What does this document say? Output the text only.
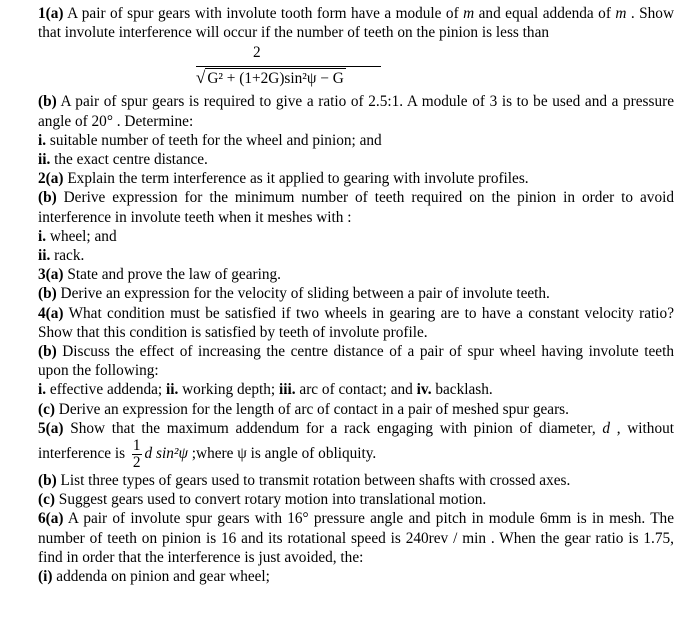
1(a) A pair of spur gears with involute tooth form have a module of m and equal addenda of m . Show that involute interference will occur if the number of teeth on the pinion is less than

2
√ G² + (1+2G)sin²ψ − G

(b) A pair of spur gears is required to give a ratio of 2.5:1. A module of 3 is to be used and a pressure angle of 20° . Determine:

i. suitable number of teeth for the wheel and pinion; and

ii. the exact centre distance.

2(a) Explain the term interference as it applied to gearing with involute profiles.

(b) Derive expression for the minimum number of teeth required on the pinion in order to avoid interference in involute teeth when it meshes with :

i. wheel; and

ii. rack.

3(a) State and prove the law of gearing.

(b) Derive an expression for the velocity of sliding between a pair of involute teeth.

4(a) What condition must be satisfied if two wheels in gearing are to have a constant velocity ratio? Show that this condition is satisfied by teeth of involute profile.

(b) Discuss the effect of increasing the centre distance of a pair of spur wheel having involute teeth upon the following:

i. effective addenda; ii. working depth; iii. arc of contact; and iv. backlash.

(c) Derive an expression for the length of arc of contact in a pair of meshed spur gears.

5(a) Show that the maximum addendum for a rack engaging with pinion of diameter, d , without interference is $\frac{1}{2}$ d sin²ψ ;where ψ is angle of obliquity.

(b) List three types of gears used to transmit rotation between shafts with crossed axes.

(c) Suggest gears used to convert rotary motion into translational motion.

6(a) A pair of involute spur gears with 16° pressure angle and pitch in module 6mm is in mesh. The number of teeth on pinion is 16 and its rotational speed is 240rev / min . When the gear ratio is 1.75, find in order that the interference is just avoided, the:

(i) addenda on pinion and gear wheel;
